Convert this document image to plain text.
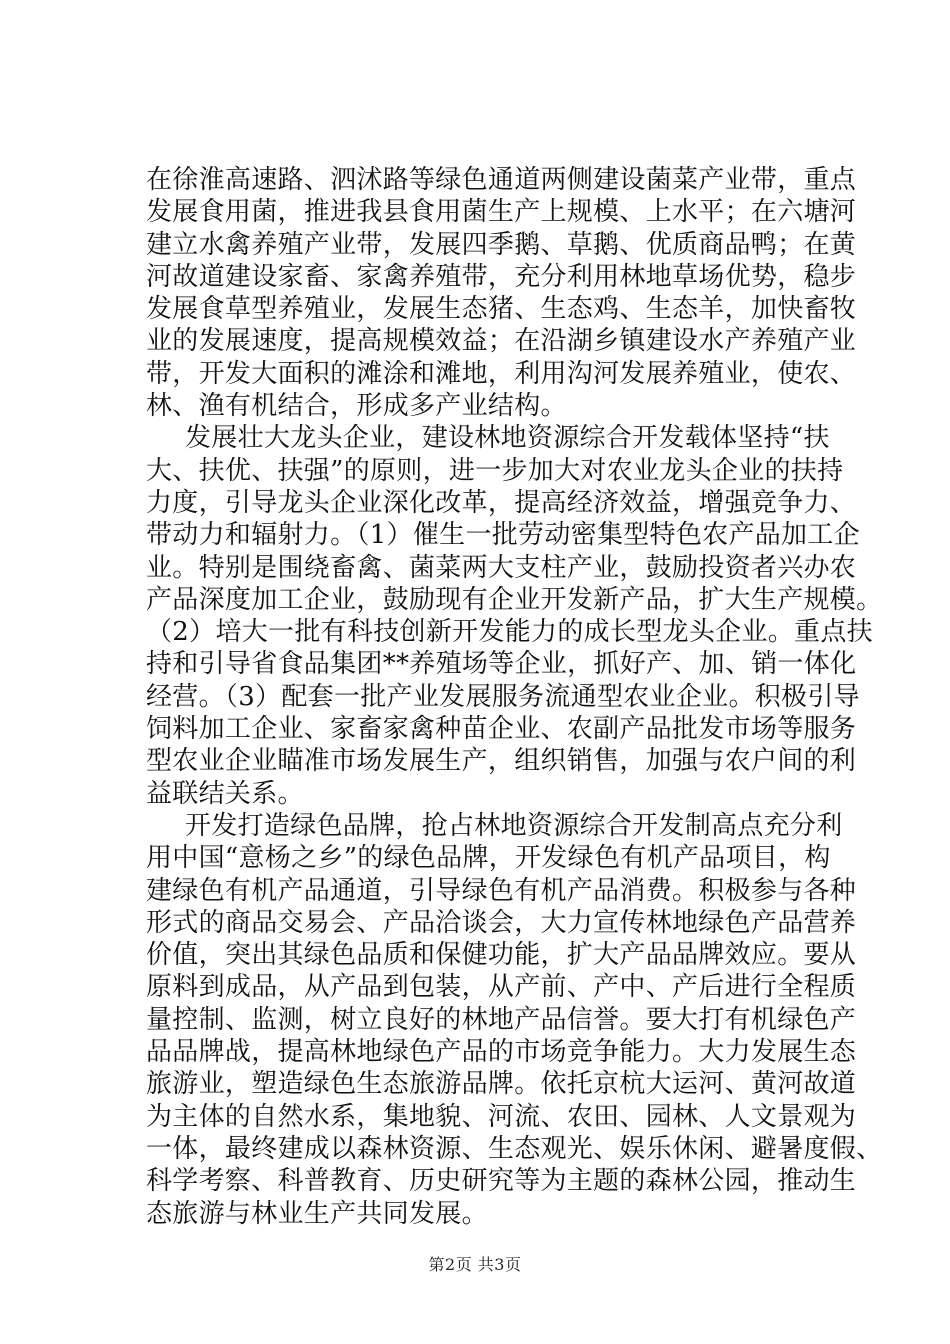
在徐淮高速路、泗沭路等绿色通道两侧建设菌菜产业带，重点
发展食用菌，推进我县食用菌生产上规模、上水平；在六塘河
建立水禽养殖产业带，发展四季鹅、草鹅、优质商品鸭；在黄
河故道建设家畜、家禽养殖带，充分利用林地草场优势，稳步
发展食草型养殖业，发展生态猪、生态鸡、生态羊，加快畜牧
业的发展速度，提高规模效益；在沿湖乡镇建设水产养殖产业
带，开发大面积的滩涂和滩地，利用沟河发展养殖业，使农、
林、渔有机结合，形成多产业结构。

发展壮大龙头企业，建设林地资源综合开发载体坚持“扶
大、扶优、扶强”的原则，进一步加大对农业龙头企业的扶持
力度，引导龙头企业深化改革，提高经济效益，增强竞争力、
带动力和辐射力。（1）催生一批劳动密集型特色农产品加工企
业。特别是围绕畜禽、菌菜两大支柱产业，鼓励投资者兴办农
产品深度加工企业，鼓励现有企业开发新产品，扩大生产规模。
（2）培大一批有科技创新开发能力的成长型龙头企业。重点扶
持和引导省食品集团**养殖场等企业，抓好产、加、销一体化
经营。（3）配套一批产业发展服务流通型农业企业。积极引导
饲料加工企业、家畜家禽种苗企业、农副产品批发市场等服务
型农业企业瞄准市场发展生产，组织销售，加强与农户间的利
益联结关系。

开发打造绿色品牌，抢占林地资源综合开发制高点充分利
用中国“意杨之乡”的绿色品牌，开发绿色有机产品项目，构
建绿色有机产品通道，引导绿色有机产品消费。积极参与各种
形式的商品交易会、产品洽谈会，大力宣传林地绿色产品营养
价值，突出其绿色品质和保健功能，扩大产品品牌效应。要从
原料到成品，从产品到包装，从产前、产中、产后进行全程质
量控制、监测，树立良好的林地产品信誉。要大打有机绿色产
品品牌战，提高林地绿色产品的市场竞争能力。大力发展生态
旅游业，塑造绿色生态旅游品牌。依托京杭大运河、黄河故道
为主体的自然水系，集地貌、河流、农田、园林、人文景观为
一体，最终建成以森林资源、生态观光、娱乐休闲、避暑度假、
科学考察、科普教育、历史研究等为主题的森林公园，推动生
态旅游与林业生产共同发展。

第2页 共3页
